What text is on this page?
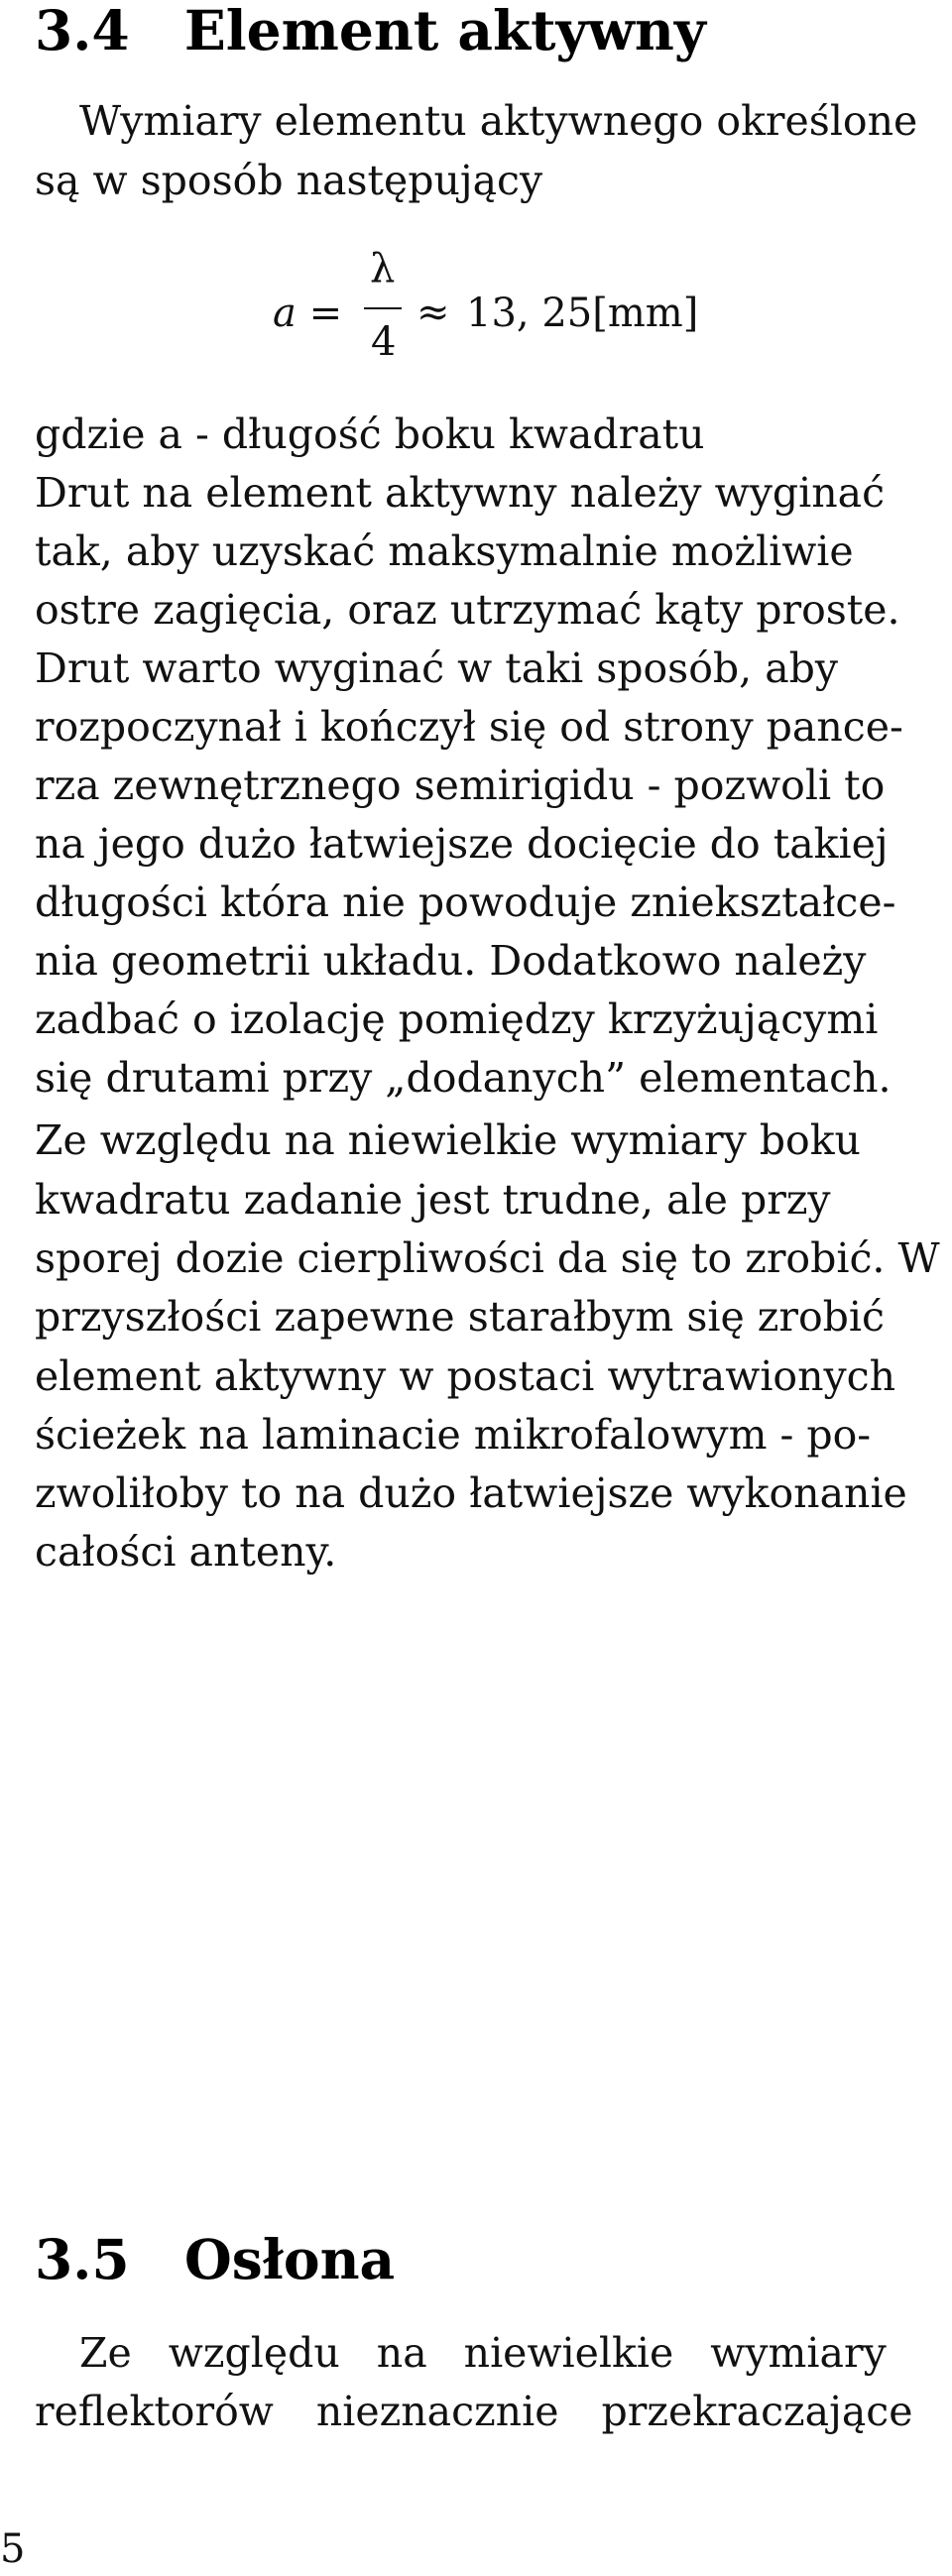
3.4 Element aktywny
Wymiary elementu aktywnego określone
są w sposób następujący
a =
λ
4
≈ 13, 25[mm]
gdzie a - długość boku kwadratu
Drut na element aktywny należy wyginać
tak, aby uzyskać maksymalnie możliwie
ostre zagięcia, oraz utrzymać kąty proste.
Drut warto wyginać w taki sposób, aby
rozpoczynał i kończył się od strony pance-
rza zewnętrznego semirigidu - pozwoli to
na jego dużo łatwiejsze docięcie do takiej
długości która nie powoduje zniekształce-
nia geometrii układu. Dodatkowo należy
zadbać o izolację pomiędzy krzyżującymi
się drutami przy „dodanych” elementach.
Ze względu na niewielkie wymiary boku
kwadratu zadanie jest trudne, ale przy
sporej dozie cierpliwości da się to zrobić. W
przyszłości zapewne starałbym się zrobić
element aktywny w postaci wytrawionych
ścieżek na laminacie mikrofalowym - po-
zwoliłoby to na dużo łatwiejsze wykonanie
całości anteny.
3.5 Osłona
Ze względu na niewielkie wymiary
reflektorów nieznacznie przekraczające
5
